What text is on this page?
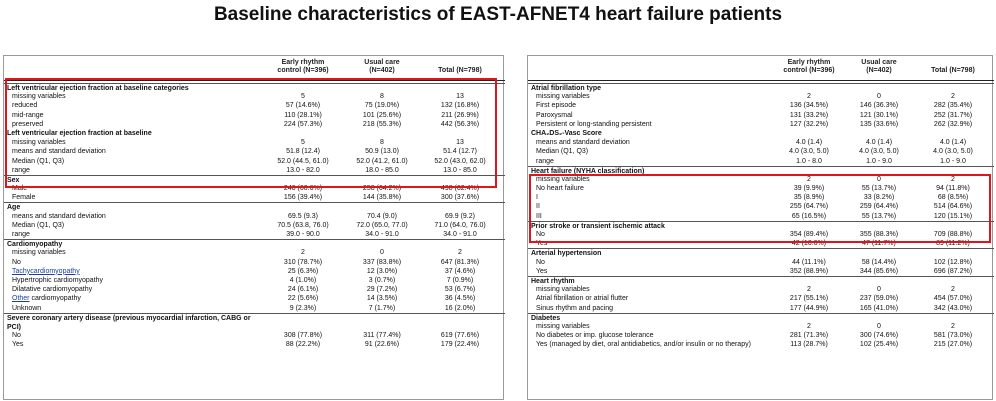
Baseline characteristics of EAST-AFNET4 heart failure patients
Early rhythm
control (N=396)
Usual care
(N=402)
	Total (N=798)
Left ventricular ejection fraction at baseline categories
missing variables	5	8	13
reduced	57 (14.6%)	75 (19.0%)	132 (16.8%)
mid-range	110 (28.1%)	101 (25.6%)	211 (26.9%)
preserved	224 (57.3%)	218 (55.3%)	442 (56.3%)
Left ventricular ejection fraction at baseline
missing variables	5	8	13
means and standard deviation	51.8 (12.4)	50.9 (13.0)	51.4 (12.7)
Median (Q1, Q3)	52.0 (44.5, 61.0)	52.0 (41.2, 61.0)	52.0 (43.0, 62.0)
range	13.0 - 82.0	18.0 - 85.0	13.0 - 85.0
Sex
Male	240 (60.6%)	258 (64.2%)	498 (62.4%)
Female	156 (39.4%)	144 (35.8%)	300 (37.6%)
Age
means and standard deviation	69.5 (9.3)	70.4 (9.0)	69.9 (9.2)
Median (Q1, Q3)	70.5 (63.8, 76.0)	72.0 (65.0, 77.0)	71.0 (64.0, 76.0)
range	39.0 - 90.0	34.0 - 91.0	34.0 - 91.0
Cardiomyopathy
missing variables	2	0	2
No	310 (78.7%)	337 (83.8%)	647 (81.3%)
Tachycardiomyopathy	25 (6.3%)	12 (3.0%)	37 (4.6%)
Hypertrophic cardiomyopathy	4 (1.0%)	3 (0.7%)	7 (0.9%)
Dilatative cardiomyopathy	24 (6.1%)	29 (7.2%)	53 (6.7%)
Other cardiomyopathy	22 (5.6%)	14 (3.5%)	36 (4.5%)
Unknown	9 (2.3%)	7 (1.7%)	16 (2.0%)
Severe coronary artery disease (previous myocardial infarction, CABG or PCI)
No	308 (77.8%)	311 (77.4%)	619 (77.6%)
Yes	88 (22.2%)	91 (22.6%)	179 (22.4%)
Early rhythm
control (N=396)
Usual care
(N=402)
	Total (N=798)
Atrial fibrillation type
missing variables	2	0	2
First episode	136 (34.5%)	146 (36.3%)	282 (35.4%)
Paroxysmal	131 (33.2%)	121 (30.1%)	252 (31.7%)
Persistent or long-standing persistent	127 (32.2%)	135 (33.6%)	262 (32.9%)
CHA₂DS₂-Vasc Score
means and standard deviation	4.0 (1.4)	4.0 (1.4)	4.0 (1.4)
Median (Q1, Q3)	4.0 (3.0, 5.0)	4.0 (3.0, 5.0)	4.0 (3.0, 5.0)
range	1.0 - 8.0	1.0 - 9.0	1.0 - 9.0
Heart failure (NYHA classification)
missing variables	2	0	2
No heart failure	39 (9.9%)	55 (13.7%)	94 (11.8%)
I	35 (8.9%)	33 (8.2%)	68 (8.5%)
II	255 (64.7%)	259 (64.4%)	514 (64.6%)
III	65 (16.5%)	55 (13.7%)	120 (15.1%)
Prior stroke or transient ischemic attack
No	354 (89.4%)	355 (88.3%)	709 (88.8%)
Yes	42 (10.6%)	47 (11.7%)	89 (11.2%)
Arterial hypertension
No	44 (11.1%)	58 (14.4%)	102 (12.8%)
Yes	352 (88.9%)	344 (85.6%)	696 (87.2%)
Heart rhythm
missing variables	2	0	2
Atrial fibrillation or atrial flutter	217 (55.1%)	237 (59.0%)	454 (57.0%)
Sinus rhythm and pacing	177 (44.9%)	165 (41.0%)	342 (43.0%)
Diabetes
missing variables	2	0	2
No diabetes or imp. glucose tolerance	281 (71.3%)	300 (74.6%)	581 (73.0%)
Yes (managed by diet, oral antidiabetics, and/or insulin or no therapy)	113 (28.7%)	102 (25.4%)	215 (27.0%)
